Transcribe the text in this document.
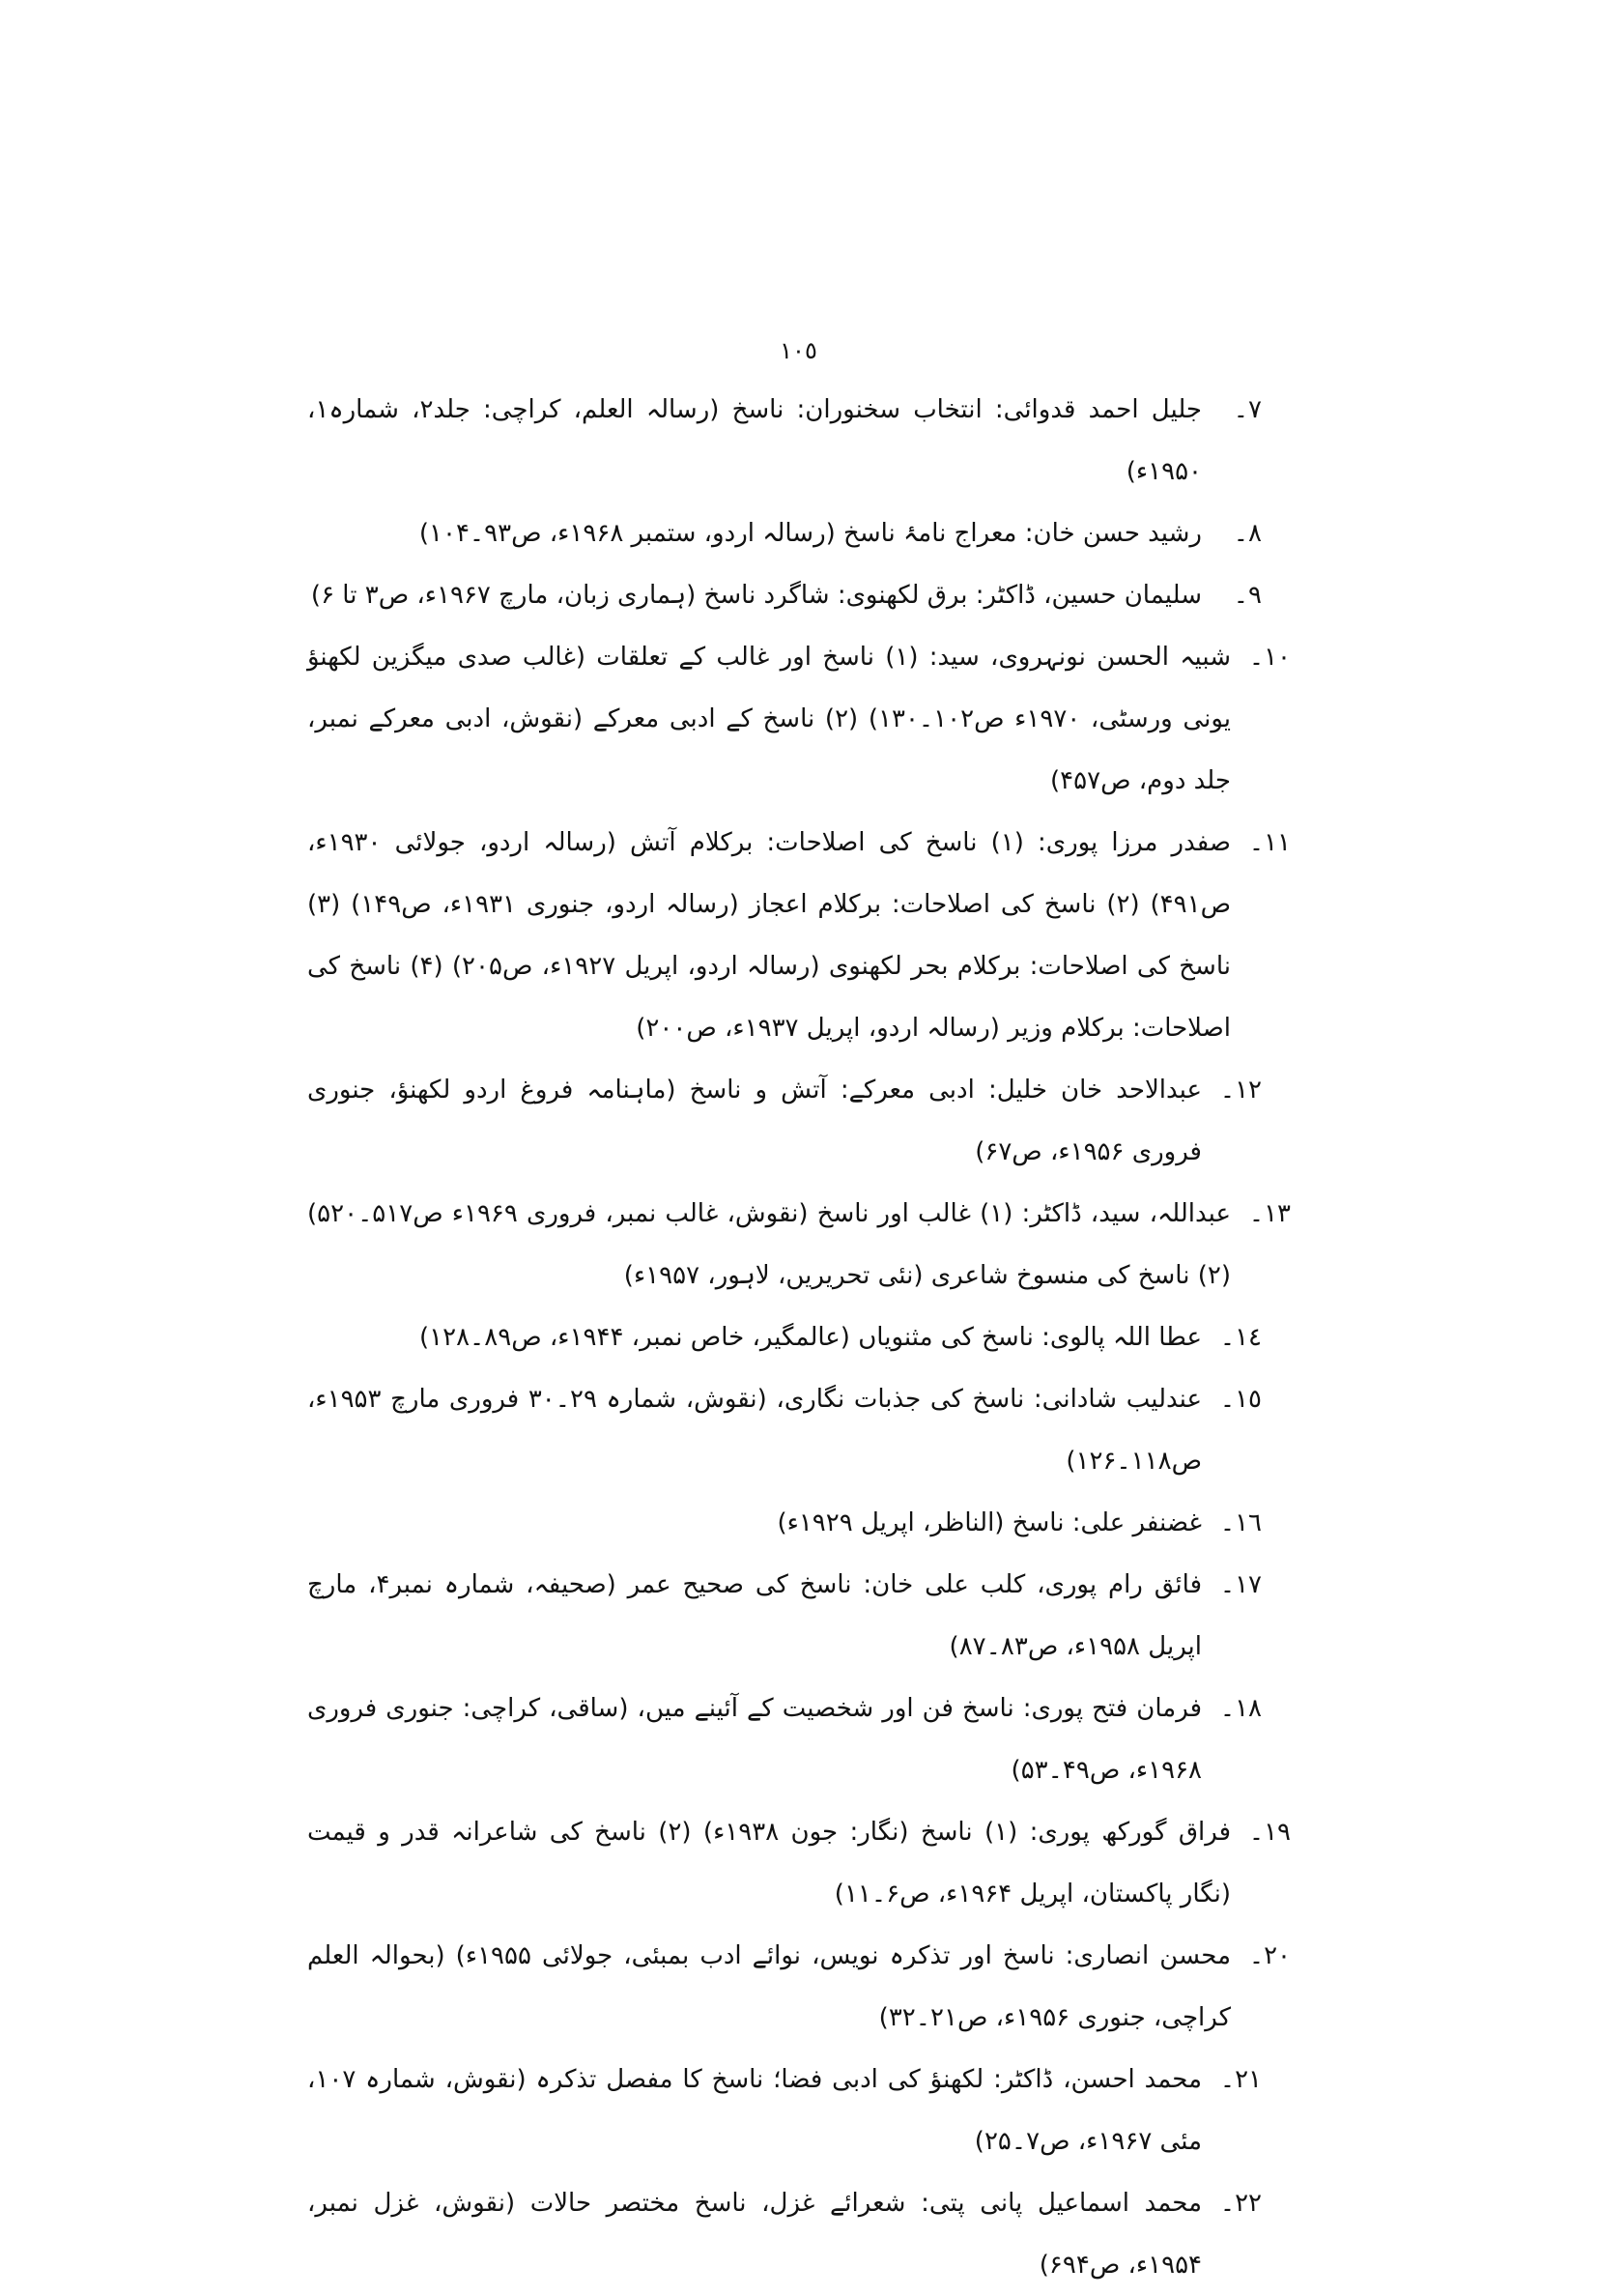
١٠٥
٧۔
جلیل احمد قدوائی: انتخاب سخنوران: ناسخ (رسالہ العلم، کراچی: جلد۲، شمارہ۱، ۱۹۵۰ء)
٨۔
رشید حسن خان: معراج نامۂ ناسخ (رسالہ اردو، ستمبر ۱۹۶۸ء، ص۹۳۔۱۰۴)
٩۔
سلیمان حسین، ڈاکٹر: برق لکھنوی: شاگرد ناسخ (ہماری زبان، مارچ ۱۹۶۷ء، ص۳ تا ۶)
١٠۔
شبیہ الحسن نونہروی، سید: (۱) ناسخ اور غالب کے تعلقات (غالب صدی میگزین لکھنؤ یونی ورسٹی، ۱۹۷۰ء ص۱۰۲۔۱۳۰) (۲) ناسخ کے ادبی معرکے (نقوش، ادبی معرکے نمبر، جلد دوم، ص۴۵۷)
١١۔
صفدر مرزا پوری: (۱) ناسخ کی اصلاحات: برکلام آتش (رسالہ اردو، جولائی ۱۹۳۰ء، ص۴۹۱) (۲) ناسخ کی اصلاحات: برکلام اعجاز (رسالہ اردو، جنوری ۱۹۳۱ء، ص۱۴۹) (۳) ناسخ کی اصلاحات: برکلام بحر لکھنوی (رسالہ اردو، اپریل ۱۹۲۷ء، ص۲۰۵) (۴) ناسخ کی اصلاحات: برکلام وزیر (رسالہ اردو، اپریل ۱۹۳۷ء، ص۲۰۰)
١٢۔
عبدالاحد خان خلیل: ادبی معرکے: آتش و ناسخ (ماہنامہ فروغ اردو لکھنؤ، جنوری فروری ۱۹۵۶ء، ص۶۷)
١٣۔
عبداللہ، سید، ڈاکٹر: (۱) غالب اور ناسخ (نقوش، غالب نمبر، فروری ۱۹۶۹ء ص۵۱۷۔۵۲۰) (۲) ناسخ کی منسوخ شاعری (نئی تحریریں، لاہور، ۱۹۵۷ء)
١٤۔
عطا اللہ پالوی: ناسخ کی مثنویاں (عالمگیر، خاص نمبر، ۱۹۴۴ء، ص۸۹۔۱۲۸)
١٥۔
عندلیب شادانی: ناسخ کی جذبات نگاری، (نقوش، شمارہ ۲۹۔۳۰ فروری مارچ ۱۹۵۳ء، ص۱۱۸۔۱۲۶)
١٦۔
غضنفر علی: ناسخ (الناظر، اپریل ۱۹۲۹ء)
١٧۔
فائق رام پوری، کلب علی خان: ناسخ کی صحیح عمر (صحیفہ، شمارہ نمبر۴، مارچ اپریل ۱۹۵۸ء، ص۸۳۔۸۷)
١٨۔
فرمان فتح پوری: ناسخ فن اور شخصیت کے آئینے میں، (ساقی، کراچی: جنوری فروری ۱۹۶۸ء، ص۴۹۔۵۳)
١٩۔
فراق گورکھ پوری: (۱) ناسخ (نگار: جون ۱۹۳۸ء) (۲) ناسخ کی شاعرانہ قدر و قیمت (نگار پاکستان، اپریل ۱۹۶۴ء، ص۶۔۱۱)
٢٠۔
محسن انصاری: ناسخ اور تذکرہ نویس، نوائے ادب بمبئی، جولائی ۱۹۵۵ء) (بحوالہ العلم کراچی، جنوری ۱۹۵۶ء، ص۲۱۔۳۲)
٢١۔
محمد احسن، ڈاکٹر: لکھنؤ کی ادبی فضا؛ ناسخ کا مفصل تذکرہ (نقوش، شمارہ ۱۰۷، مئی ۱۹۶۷ء، ص۷۔۲۵)
٢٢۔
محمد اسماعیل پانی پتی: شعرائے غزل، ناسخ مختصر حالات (نقوش، غزل نمبر، ۱۹۵۴ء، ص۶۹۴)
